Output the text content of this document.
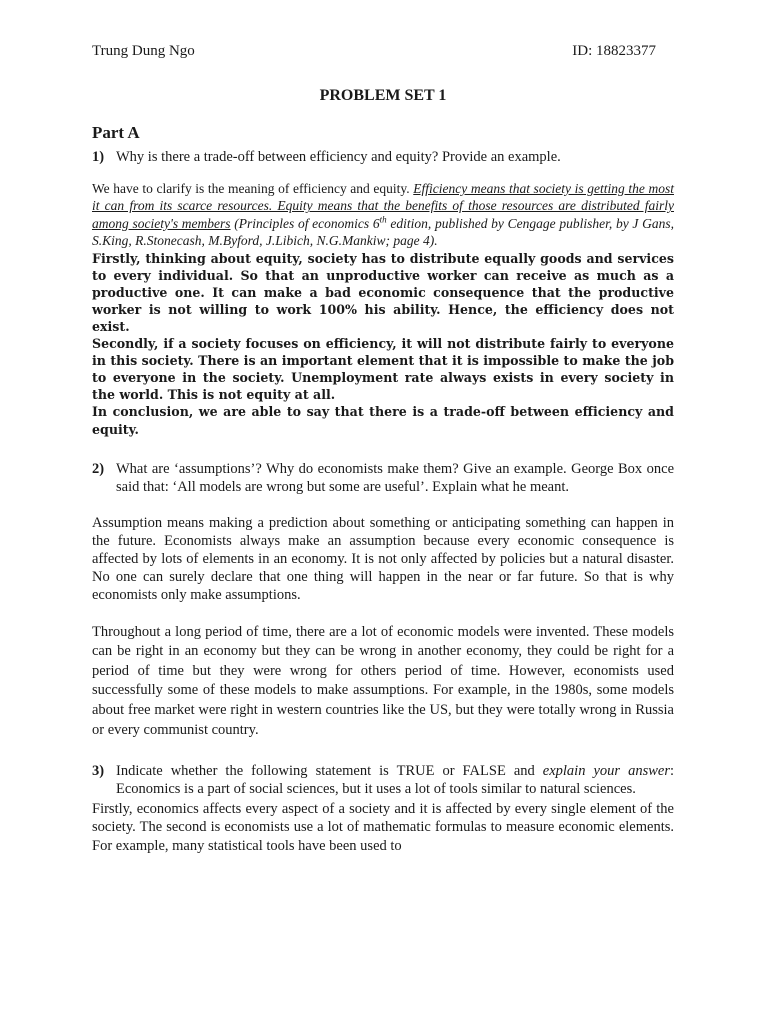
Trung Dung Ngo	ID: 18823377
PROBLEM SET 1
Part A
1) Why is there a trade-off between efficiency and equity? Provide an example.

We have to clarify is the meaning of efficiency and equity. Efficiency means that society is getting the most it can from its scarce resources. Equity means that the benefits of those resources are distributed fairly among society's members (Principles of economics 6th edition, published by Cengage publisher, by J Gans, S.King, R.Stonecash, M.Byford, J.Libich, N.G.Mankiw; page 4).

Firstly, thinking about equity, society has to distribute equally goods and services to every individual. So that an unproductive worker can receive as much as a productive one. It can make a bad economic consequence that the productive worker is not willing to work 100% his ability. Hence, the efficiency does not exist.

Secondly, if a society focuses on efficiency, it will not distribute fairly to everyone in this society. There is an important element that it is impossible to make the job to everyone in the society. Unemployment rate always exists in every society in the world. This is not equity at all.

In conclusion, we are able to say that there is a trade-off between efficiency and equity.

2) What are ‘assumptions’? Why do economists make them? Give an example. George Box once said that: ‘All models are wrong but some are useful’. Explain what he meant.

Assumption means making a prediction about something or anticipating something can happen in the future. Economists always make an assumption because every economic consequence is affected by lots of elements in an economy. It is not only affected by policies but a natural disaster. No one can surely declare that one thing will happen in the near or far future. So that is why economists only make assumptions.

Throughout a long period of time, there are a lot of economic models were invented. These models can be right in an economy but they can be wrong in another economy, they could be right for a period of time but they were wrong for others period of time. However, economists used successfully some of these models to make assumptions. For example, in the 1980s, some models about free market were right in western countries like the US, but they were totally wrong in Russia or every communist country.

3) Indicate whether the following statement is TRUE or FALSE and explain your answer: Economics is a part of social sciences, but it uses a lot of tools similar to natural sciences.

Firstly, economics affects every aspect of a society and it is affected by every single element of the society. The second is economists use a lot of mathematic formulas to measure economic elements. For example, many statistical tools have been used to
